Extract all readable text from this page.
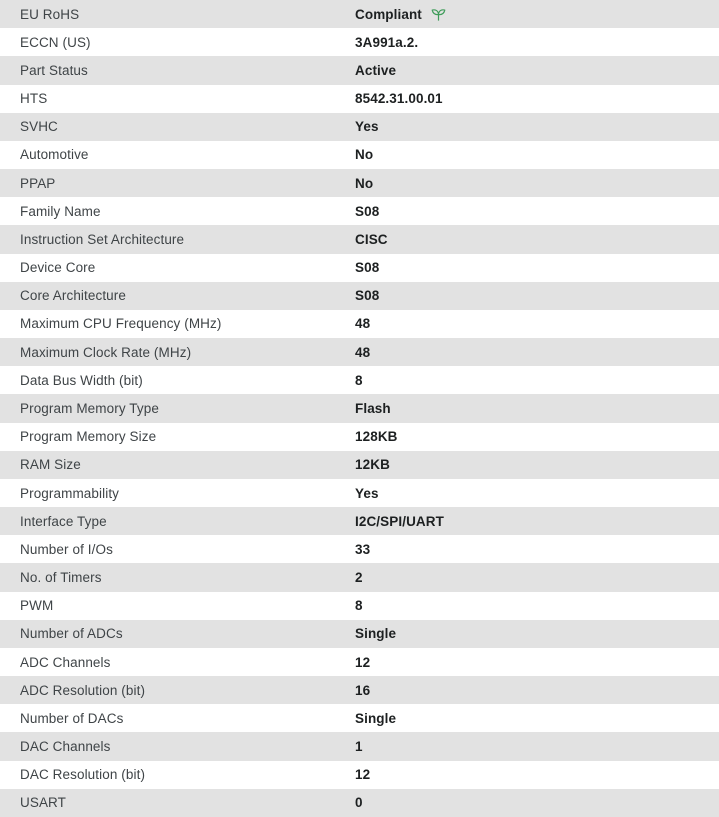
EU RoHS	Compliant
ECCN (US)	3A991a.2.
Part Status	Active
HTS	8542.31.00.01
SVHC	Yes
Automotive	No
PPAP	No
Family Name	S08
Instruction Set Architecture	CISC
Device Core	S08
Core Architecture	S08
Maximum CPU Frequency (MHz)	48
Maximum Clock Rate (MHz)	48
Data Bus Width (bit)	8
Program Memory Type	Flash
Program Memory Size	128KB
RAM Size	12KB
Programmability	Yes
Interface Type	I2C/SPI/UART
Number of I/Os	33
No. of Timers	2
PWM	8
Number of ADCs	Single
ADC Channels	12
ADC Resolution (bit)	16
Number of DACs	Single
DAC Channels	1
DAC Resolution (bit)	12
USART	0
